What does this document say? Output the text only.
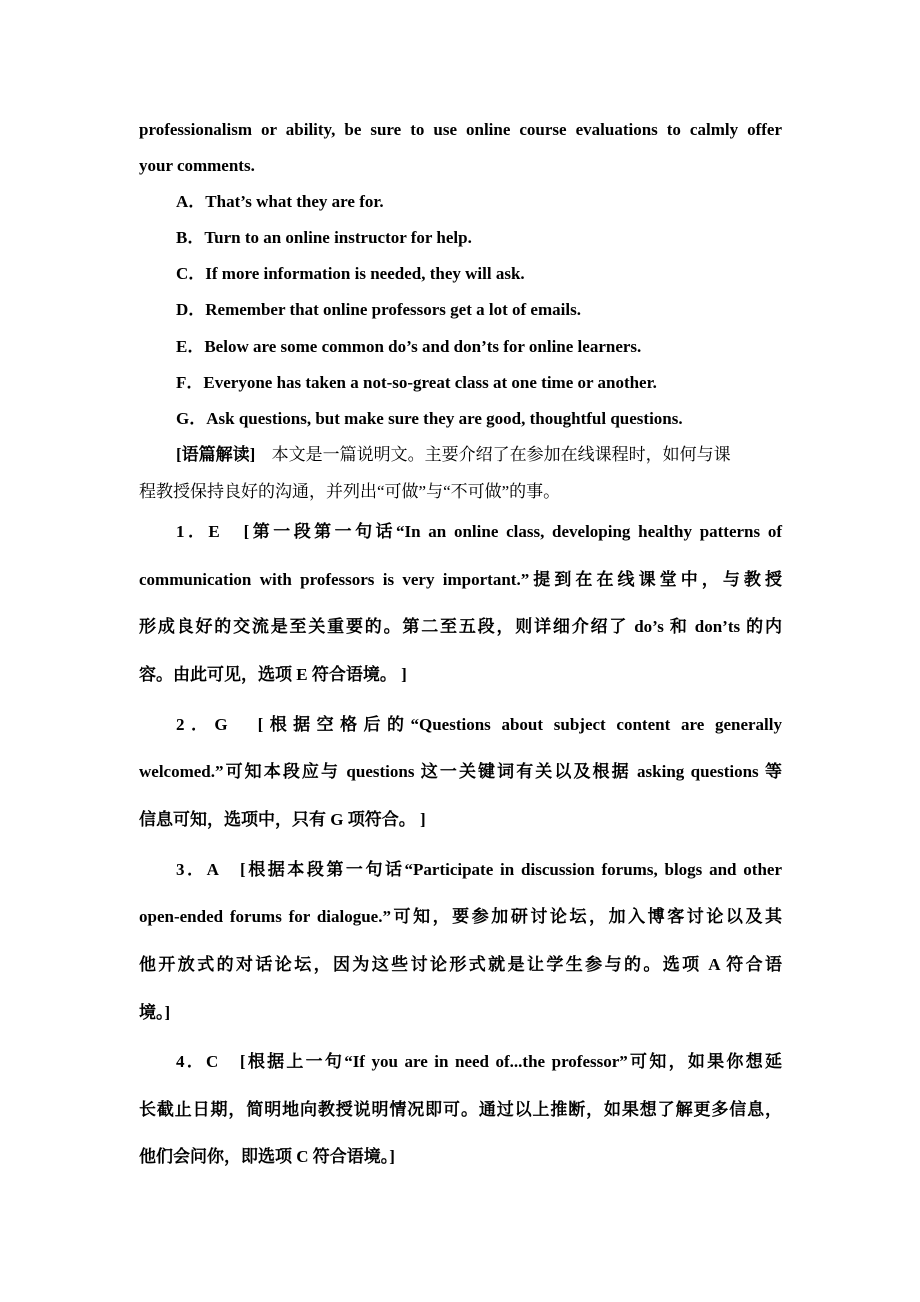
professionalism or ability, be sure to use online course evaluations to calmly offer
your comments.
A．That’s what they are for.
B．Turn to an online instructor for help.
C．If more information is needed, they will ask.
D．Remember that online professors get a lot of emails.
E．Below are some common do’s and don’ts for online learners.
F．Everyone has taken a not-so-great class at one time or another.
G．Ask questions, but make sure they are good, thoughtful questions.
[语篇解读] 本文是一篇说明文。主要介绍了在参加在线课程时，如何与课
程教授保持良好的沟通，并列出“可做”与“不可做”的事。
1．E　[第一段第一句话“In an online class, developing healthy patterns of
communication with professors is very important.”提到在在线课堂中，与教授
形成良好的交流是至关重要的。第二至五段，则详细介绍了 do’s 和 don’ts 的内
容。由此可见，选项 E 符合语境。 ]
2．G　[根据空格后的“Questions about subject content are generally
welcomed.”可知本段应与 questions 这一关键词有关以及根据 asking questions 等
信息可知，选项中，只有 G 项符合。 ]
3．A　[根据本段第一句话“Participate in discussion forums, blogs and other
open-ended forums for dialogue.”可知，要参加研讨论坛，加入博客讨论以及其
他开放式的对话论坛，因为这些讨论形式就是让学生参与的。选项 A 符合语
境。]
4．C　[根据上一句“If you are in need of...the professor”可知，如果你想延
长截止日期，简明地向教授说明情况即可。通过以上推断，如果想了解更多信息，
他们会问你，即选项 C 符合语境。]
